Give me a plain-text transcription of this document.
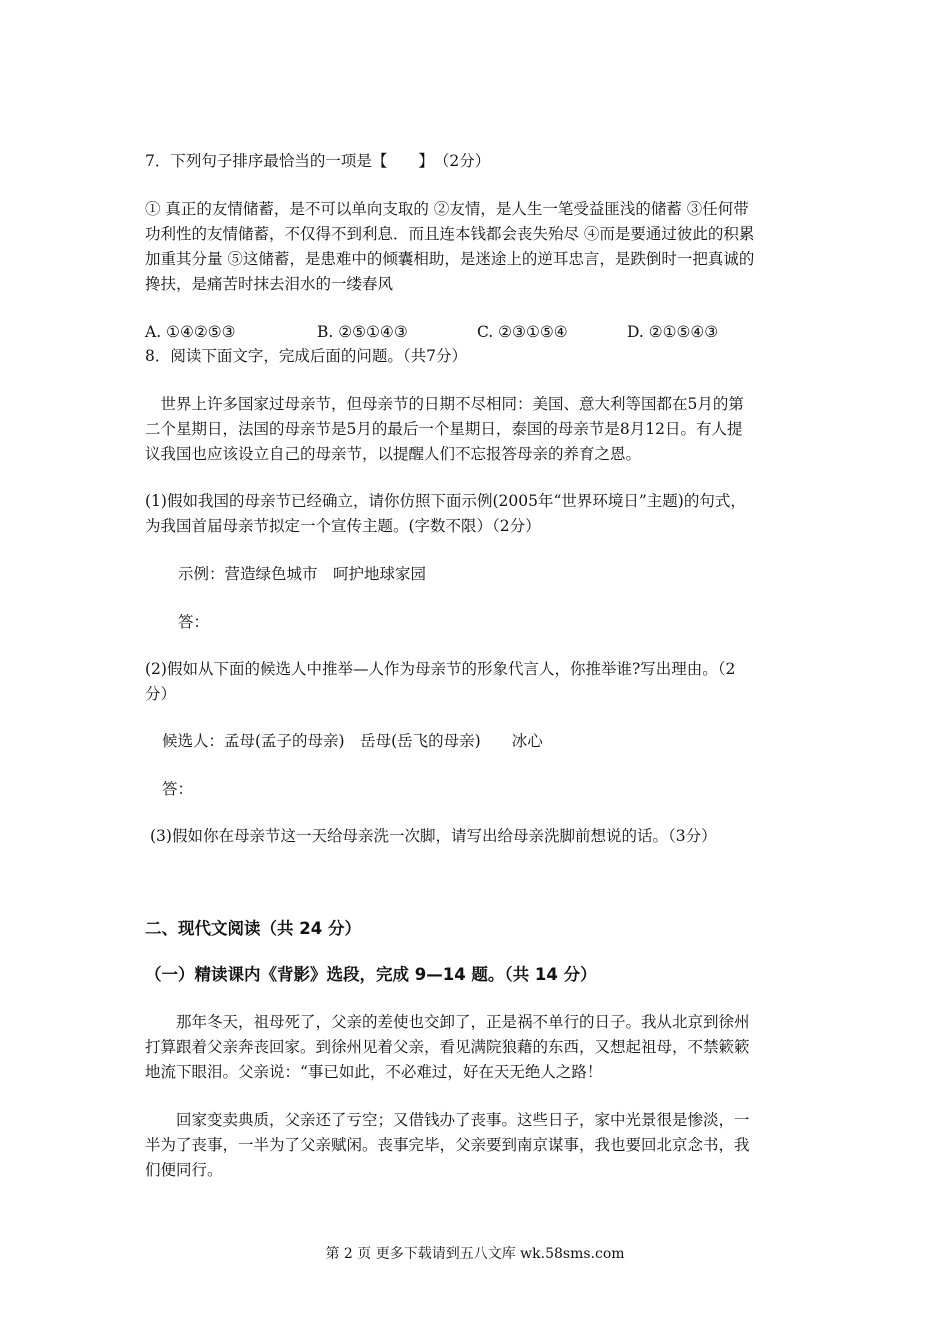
7．下列句子排序最恰当的一项是【　　】　（2分）

① 真正的友情储蓄，是不可以单向支取的 ②友情，是人生一笔受益匪浅的储蓄 ③任何带

功利性的友情储蓄，不仅得不到利息．而且连本钱都会丧失殆尽 ④而是要通过彼此的积累

加重其分量 ⑤这储蓄，是患难中的倾囊相助，是迷途上的逆耳忠言，是跌倒时一把真诚的

搀扶，是痛苦时抹去泪水的一缕春风

A. ①④②⑤③	B. ②⑤①④③	C. ②③①⑤④	D. ②①⑤④③

8．阅读下面文字，完成后面的问题。（共7分）

　世界上许多国家过母亲节，但母亲节的日期不尽相同：美国、意大利等国都在5月的第

二个星期日，法国的母亲节是5月的最后一个星期日，泰国的母亲节是8月12日。有人提

议我国也应该设立自己的母亲节，以提醒人们不忘报答母亲的养育之恩。

(1)假如我国的母亲节已经确立，请你仿照下面示例(2005年“世界环境日”主题)的句式，

为我国首届母亲节拟定一个宣传主题。(字数不限）（2分）

示例：营造绿色城市　呵护地球家园

答：

(2)假如从下面的候选人中推举—人作为母亲节的形象代言人，你推举谁?写出理由。（2

分）

候选人：孟母(孟子的母亲)　岳母(岳飞的母亲)　　冰心

答：

(3)假如你在母亲节这一天给母亲洗一次脚，请写出给母亲洗脚前想说的话。（3分）

二、现代文阅读（共 24 分）

（一）精读课内《背影》选段，完成 9—14 题。（共 14 分）

　　那年冬天，祖母死了，父亲的差使也交卸了，正是祸不单行的日子。我从北京到徐州

打算跟着父亲奔丧回家。到徐州见着父亲，看见满院狼藉的东西，又想起祖母，不禁簌簌

地流下眼泪。父亲说：“事已如此，不必难过，好在天无绝人之路！

　　回家变卖典质，父亲还了亏空；又借钱办了丧事。这些日子，家中光景很是惨淡，一

半为了丧事，一半为了父亲赋闲。丧事完毕，父亲要到南京谋事，我也要回北京念书，我

们便同行。

第 2 页 更多下载请到五八文库 wk.58sms.com
